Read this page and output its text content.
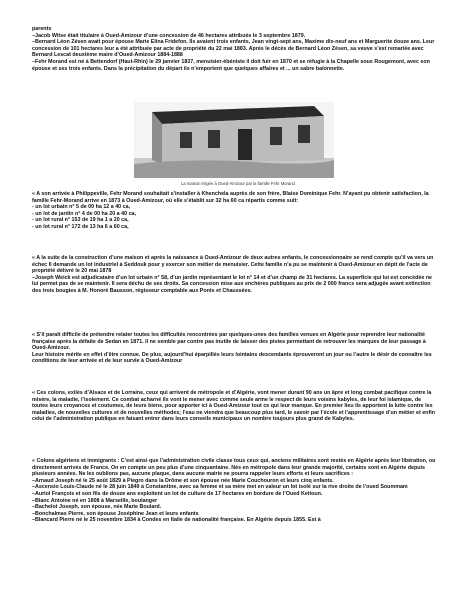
parents

–Jacob Witse était titulaire à Oued-Amizour d’une concession de 46 hectares attribués le 3 septembre 1879.

–Bernard Léon Zésen avait pour épouse Marie Elina Fridefon. Ils avaient trois enfants, Jean vingt-sept ans, Maxime dix-neuf ans et Marguerite douze ans. Leur concession de 101 hectares leur a été attribuée par acte de propriété du 22 mai 1883. Après le décès de Bernard Léon Zésen, sa veuve s’est remariée avec Bernard Lescat deuxième maire d’Oued-Amizour 1884-1888

–Fehr Morand est né à Bettendorf (Haut-Rhin) le 29 janvier 1837, menuisier-ébéniste il doit fuir en 1870 et se réfugie à la Chapelle sous Rougemont, avec son épouse et ses trois enfants. Dans la précipitation du départ ils n’emportent que quelques affaires et ... un sabre baïonnette.

La maison érigée à Oued-Amizour par la famille Fehr Morand

« A son arrivée à Philippeville, Fehr Morand souhaitait s’installer à Khenchela auprès de son frère, Blaise Dominique Fehr. N’ayant pu obtenir satisfaction, la famille Fehr-Morand arrive en 1873 à Oued-Amizour, où elle s’établit sur 32 ha 60 ca répartis comme suit:

- un lot urbain n° 5 de 00 ha 12 a 40 ca,

- un lot de jardin n° 4 de 00 ha 20 a 40 ca,

- un lot rural n° 153 de 19 ha 1 a 20 ca,

- un lot rural n° 172 de 13 ha 6 a 60 ca,

« A la suite de la construction d’une maison et après la naissance à Oued-Amizour de deux autres enfants, le concessionnaire se rend compte qu’il va vers un échec Il demande un lot industriel à Seddouk pour y exercer son métier de menuisier. Cette famille n’a pu se maintenir à Oued-Amizour en dépit de l’acte de propriété délivré le 20 mai 1878

–Joseph Weick est adjudicataire d’un lot urbain n° 58, d’un jardin représentant le lot n° 14 et d’un champ de 31 hectares. La superficie qui lui est concédée ne lui permet pas de se maintenir. Il sera déchu de ses droits. Sa concession mise aux enchères publiques au prix de 2 000 francs sera adjugée avant extinction des trois bougies à M. Honoré Bausson, régisseur comptable aux Ponts et Chaussées.

« S’il paraît difficile de prétendre relater toutes les difficultés rencontrées par quelques-unes des familles venues en Algérie pour reprendre leur nationalité française après la défaite de Sedan en 1871. Il ne semble par contre pas inutile de laisser des pistes permettant de retrouver les marques de leur passage à Oued-Amizour.

Leur histoire mérite en effet d’être connue. De plus, aujourd’hui éparpillés leurs lointains descendants éprouveront un jour ou l’autre le désir de connaître les conditions de leur arrivée et de leur survie à Oued-Amizour

« Ces colons, exilés d’Alsace et de Lorraine, ceux qui arrivent de métropole et d’Algérie, vont mener durant 90 ans un âpre et long combat pacifique contre la misère, la maladie, l’isolement. Ce combat acharné ils vont le mener avec comme seule arme le respect de leurs voisins kabyles, de leur foi islamique, de toutes leurs croyances et coutumes, de leurs biens, pour apporter ici à Oued-Amizour tout ce qui leur manque. En premier lieu ils apportent la lutte contre les maladies, de nouvelles cultures et de nouvelles méthodes; l’eau ne viendra que beaucoup plus tard, le savoir par l’école et l’apprentissage d’un métier et enfin celui de l’administration publique en faisant entrer dans leurs conseils municipaux un nombre toujours plus grand de Kabyles.

« Colons algériens et immigrants : C’est ainsi que l’administration civile classe tous ceux qui, anciens militaires sont restés en Algérie après leur libération, ou directement arrivés de France. On en compte un peu plus d’une cinquantaine. Nés en métropole dans leur grande majorité, certains sont en Algérie depuis plusieurs années. Ne les oublions pas, aucune plaque, dans aucune mairie ne pourra rappeler leurs efforts et leurs sacrifices :

–Arnaud Joseph né le 25 août 1829 à Piegro dans la Drôme et son épouse née Marie Couchouron et leurs cinq enfants.

–Ascensio Louis-Claude né le 28 juin 1849 à Constantine, avec sa femme et sa mère met en valeur un lot isolé sur la rive droite de l’oued Soummam

–Auriol François et son fils de douze ans exploitent un lot de culture de 17 hectares en bordure de l’Oued Keitoun.

–Blanc Antoine né en 1808 à Marseille, boulanger

–Bachelot Joseph, son épouse, née Marie Boulard.

–Bonchalmas Pierre, son épouse Joséphine Jean et leurs enfants

–Blancard Pierre né le 25 novembre 1834 à Condes en Italie de nationalité française. En Algérie depuis 1855. Est à
